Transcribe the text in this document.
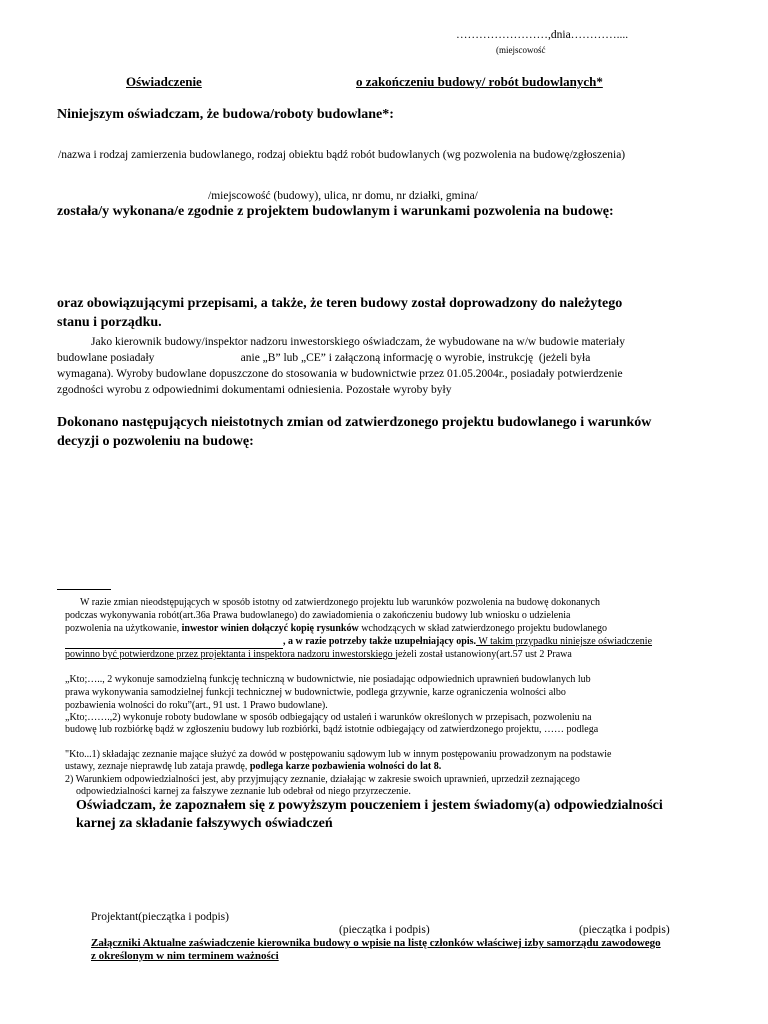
……………………,dnia…………....
(miejscowość
Oświadczenie	o zakończeniu budowy/ robót budowlanych*
Niniejszym oświadczam, że budowa/roboty budowlane*:
/nazwa i rodzaj zamierzenia budowlanego, rodzaj obiektu bądź robót budowlanych (wg pozwolenia na budowę/zgłoszenia)
/miejscowość (budowy), ulica, nr domu, nr działki, gmina/
została/y wykonana/e zgodnie z projektem budowlanym i warunkami pozwolenia na budowę:
oraz obowiązującymi przepisami, a także, że teren budowy został doprowadzony do należytego
stanu i porządku.
Jako kierownik budowy/inspektor nadzoru inwestorskiego oświadczam, że wybudowane na w/w budowie materiały
budowlane posiadały                              anie „B” lub „CE” i załączoną informację o wyrobie, instrukcję  (jeżeli była
wymagana). Wyroby budowlane dopuszczone do stosowania w budownictwie przez 01.05.2004r., posiadały potwierdzenie
zgodności wyrobu z odpowiednimi dokumentami odniesienia. Pozostałe wyroby były
Dokonano następujących nieistotnych zmian od zatwierdzonego projektu budowlanego i warunków
decyzji o pozwoleniu na budowę:
W razie zmian nieodstępujących w sposób istotny od zatwierdzonego projektu lub warunków pozwolenia na budowę dokonanych
podczas wykonywania robót(art.36a Prawa budowlanego) do zawiadomienia o zakończeniu budowy lub wniosku o udzielenia
pozwolenia na użytkowanie, inwestor winien dołączyć kopię rysunków wchodzących w skład zatwierdzonego projektu budowlanego
, a w razie potrzeby także uzupełniający opis. W takim przypadku niniejsze oświadczenie
powinno być potwierdzone przez projektanta i inspektora nadzoru inwestorskiego jeżeli został ustanowiony(art.57 ust 2 Prawa
„Kto;….., 2 wykonuje samodzielną funkcję techniczną w budownictwie, nie posiadając odpowiednich uprawnień budowlanych lub
prawa wykonywania samodzielnej funkcji technicznej w budownictwie, podlega grzywnie, karze ograniczenia wolności albo
pozbawienia wolności do roku”(art., 91 ust. 1 Prawo budowlane).
„Kto;…….,2) wykonuje roboty budowlane w sposób odbiegający od ustaleń i warunków określonych w przepisach, pozwoleniu na
budowę lub rozbiórkę bądź w zgłoszeniu budowy lub rozbiórki, bądź istotnie odbiegający od zatwierdzonego projektu, …… podlega
"Kto...1) składając zeznanie mające służyć za dowód w postępowaniu sądowym lub w innym postępowaniu prowadzonym na podstawie
ustawy, zeznaje nieprawdę lub zataja prawdę, podlega karze pozbawienia wolności do lat 8.
2) Warunkiem odpowiedzialności jest, aby przyjmujący zeznanie, działając w zakresie swoich uprawnień, uprzedził zeznającego
odpowiedzialności karnej za fałszywe zeznanie lub odebrał od niego przyrzeczenie.
Oświadczam, że zapoznałem się z powyższym pouczeniem i jestem świadomy(a) odpowiedzialności
karnej za składanie fałszywych oświadczeń
Projektant(pieczątka i podpis)
(pieczątka i podpis)	(pieczątka i podpis)
Załączniki Aktualne zaświadczenie kierownika budowy o wpisie na listę członków właściwej izby samorządu zawodowego
z określonym w nim terminem ważności
